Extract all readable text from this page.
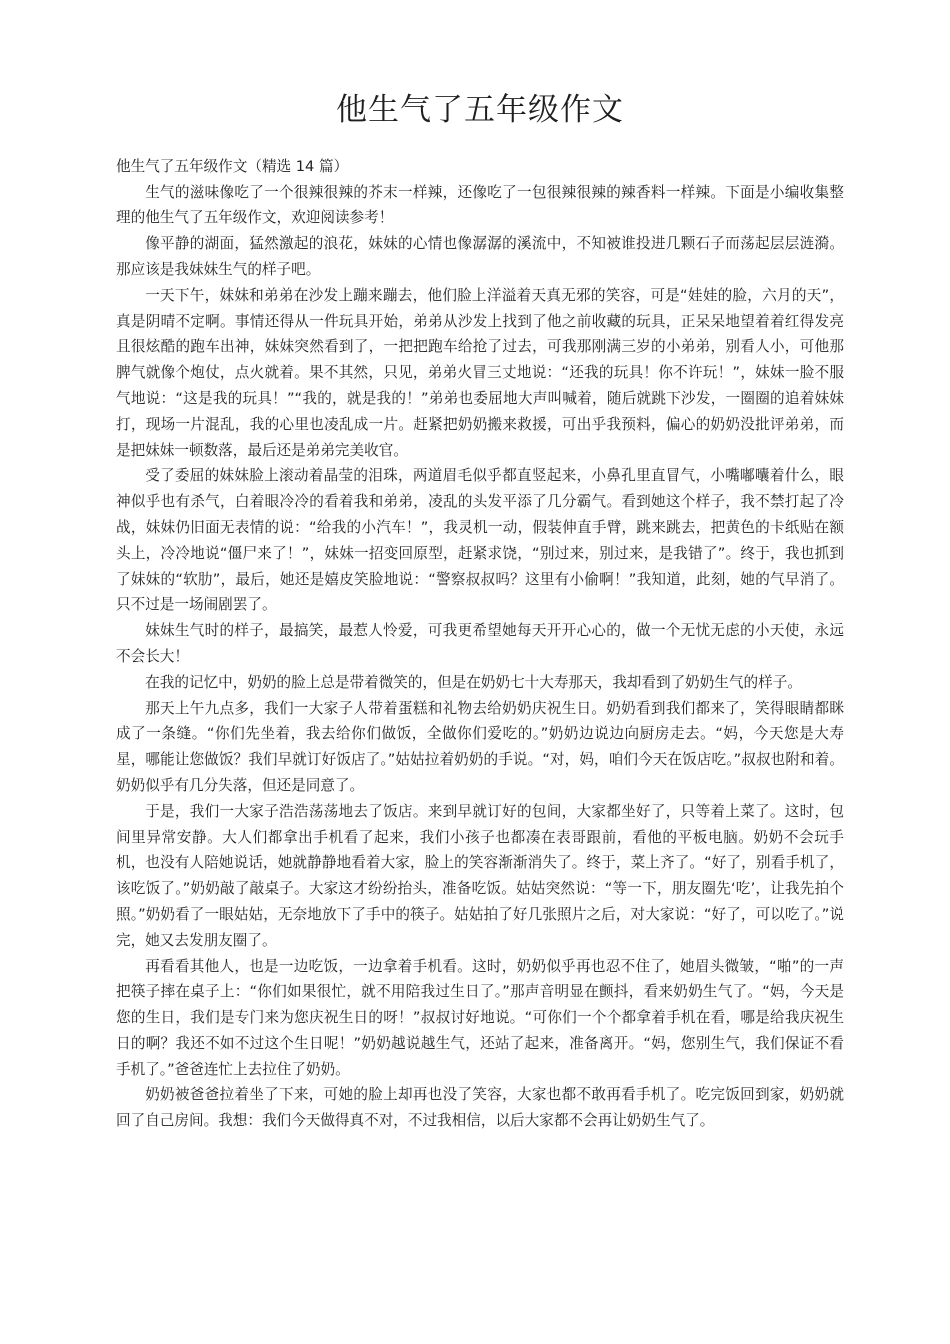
他生气了五年级作文
他生气了五年级作文（精选 14 篇）

生气的滋味像吃了一个很辣很辣的芥末一样辣，还像吃了一包很辣很辣的辣香料一样辣。下面是小编收集整理的他生气了五年级作文，欢迎阅读参考！

像平静的湖面，猛然激起的浪花，妹妹的心情也像潺潺的溪流中，不知被谁投进几颗石子而荡起层层涟漪。那应该是我妹妹生气的样子吧。

一天下午，妹妹和弟弟在沙发上蹦来蹦去，他们脸上洋溢着天真无邪的笑容，可是“娃娃的脸，六月的天”，真是阴晴不定啊。事情还得从一件玩具开始，弟弟从沙发上找到了他之前收藏的玩具，正呆呆地望着着红得发亮且很炫酷的跑车出神，妹妹突然看到了，一把把跑车给抢了过去，可我那刚满三岁的小弟弟，别看人小，可他那脾气就像个炮仗，点火就着。果不其然，只见，弟弟火冒三丈地说：“还我的玩具！你不许玩！”，妹妹一脸不服气地说：“这是我的玩具！”“我的，就是我的！”弟弟也委屈地大声叫喊着，随后就跳下沙发，一圈圈的追着妹妹打，现场一片混乱，我的心里也凌乱成一片。赶紧把奶奶搬来救援，可出乎我预料，偏心的奶奶没批评弟弟，而是把妹妹一顿数落，最后还是弟弟完美收官。

受了委屈的妹妹脸上滚动着晶莹的泪珠，两道眉毛似乎都直竖起来，小鼻孔里直冒气，小嘴嘟囔着什么，眼神似乎也有杀气，白着眼冷冷的看着我和弟弟，凌乱的头发平添了几分霸气。看到她这个样子，我不禁打起了冷战，妹妹仍旧面无表情的说：“给我的小汽车！”，我灵机一动，假装伸直手臂，跳来跳去，把黄色的卡纸贴在额头上，冷冷地说“僵尸来了！”，妹妹一招变回原型，赶紧求饶，“别过来，别过来，是我错了”。终于，我也抓到了妹妹的“软肋”，最后，她还是嬉皮笑脸地说：“警察叔叔吗？这里有小偷啊！”我知道，此刻，她的气早消了。只不过是一场闹剧罢了。

妹妹生气时的样子，最搞笑，最惹人怜爱，可我更希望她每天开开心心的，做一个无忧无虑的小天使，永远不会长大！

在我的记忆中，奶奶的脸上总是带着微笑的，但是在奶奶七十大寿那天，我却看到了奶奶生气的样子。

那天上午九点多，我们一大家子人带着蛋糕和礼物去给奶奶庆祝生日。奶奶看到我们都来了，笑得眼睛都眯成了一条缝。“你们先坐着，我去给你们做饭，全做你们爱吃的。”奶奶边说边向厨房走去。“妈，今天您是大寿星，哪能让您做饭？我们早就订好饭店了。”姑姑拉着奶奶的手说。“对，妈，咱们今天在饭店吃。”叔叔也附和着。奶奶似乎有几分失落，但还是同意了。

于是，我们一大家子浩浩荡荡地去了饭店。来到早就订好的包间，大家都坐好了，只等着上菜了。这时，包间里异常安静。大人们都拿出手机看了起来，我们小孩子也都凑在表哥跟前，看他的平板电脑。奶奶不会玩手机，也没有人陪她说话，她就静静地看着大家，脸上的笑容渐渐消失了。终于，菜上齐了。“好了，别看手机了，该吃饭了。”奶奶敲了敲桌子。大家这才纷纷抬头，准备吃饭。姑姑突然说：“等一下，朋友圈先‘吃’，让我先拍个照。”奶奶看了一眼姑姑，无奈地放下了手中的筷子。姑姑拍了好几张照片之后，对大家说：“好了，可以吃了。”说完，她又去发朋友圈了。

再看看其他人，也是一边吃饭，一边拿着手机看。这时，奶奶似乎再也忍不住了，她眉头微皱，“啪”的一声把筷子摔在桌子上：“你们如果很忙，就不用陪我过生日了。”那声音明显在颤抖，看来奶奶生气了。“妈，今天是您的生日，我们是专门来为您庆祝生日的呀！”叔叔讨好地说。“可你们一个个都拿着手机在看，哪是给我庆祝生日的啊？我还不如不过这个生日呢！”奶奶越说越生气，还站了起来，准备离开。“妈，您别生气，我们保证不看手机了。”爸爸连忙上去拉住了奶奶。

奶奶被爸爸拉着坐了下来，可她的脸上却再也没了笑容，大家也都不敢再看手机了。吃完饭回到家，奶奶就回了自己房间。我想：我们今天做得真不对，不过我相信，以后大家都不会再让奶奶生气了。
